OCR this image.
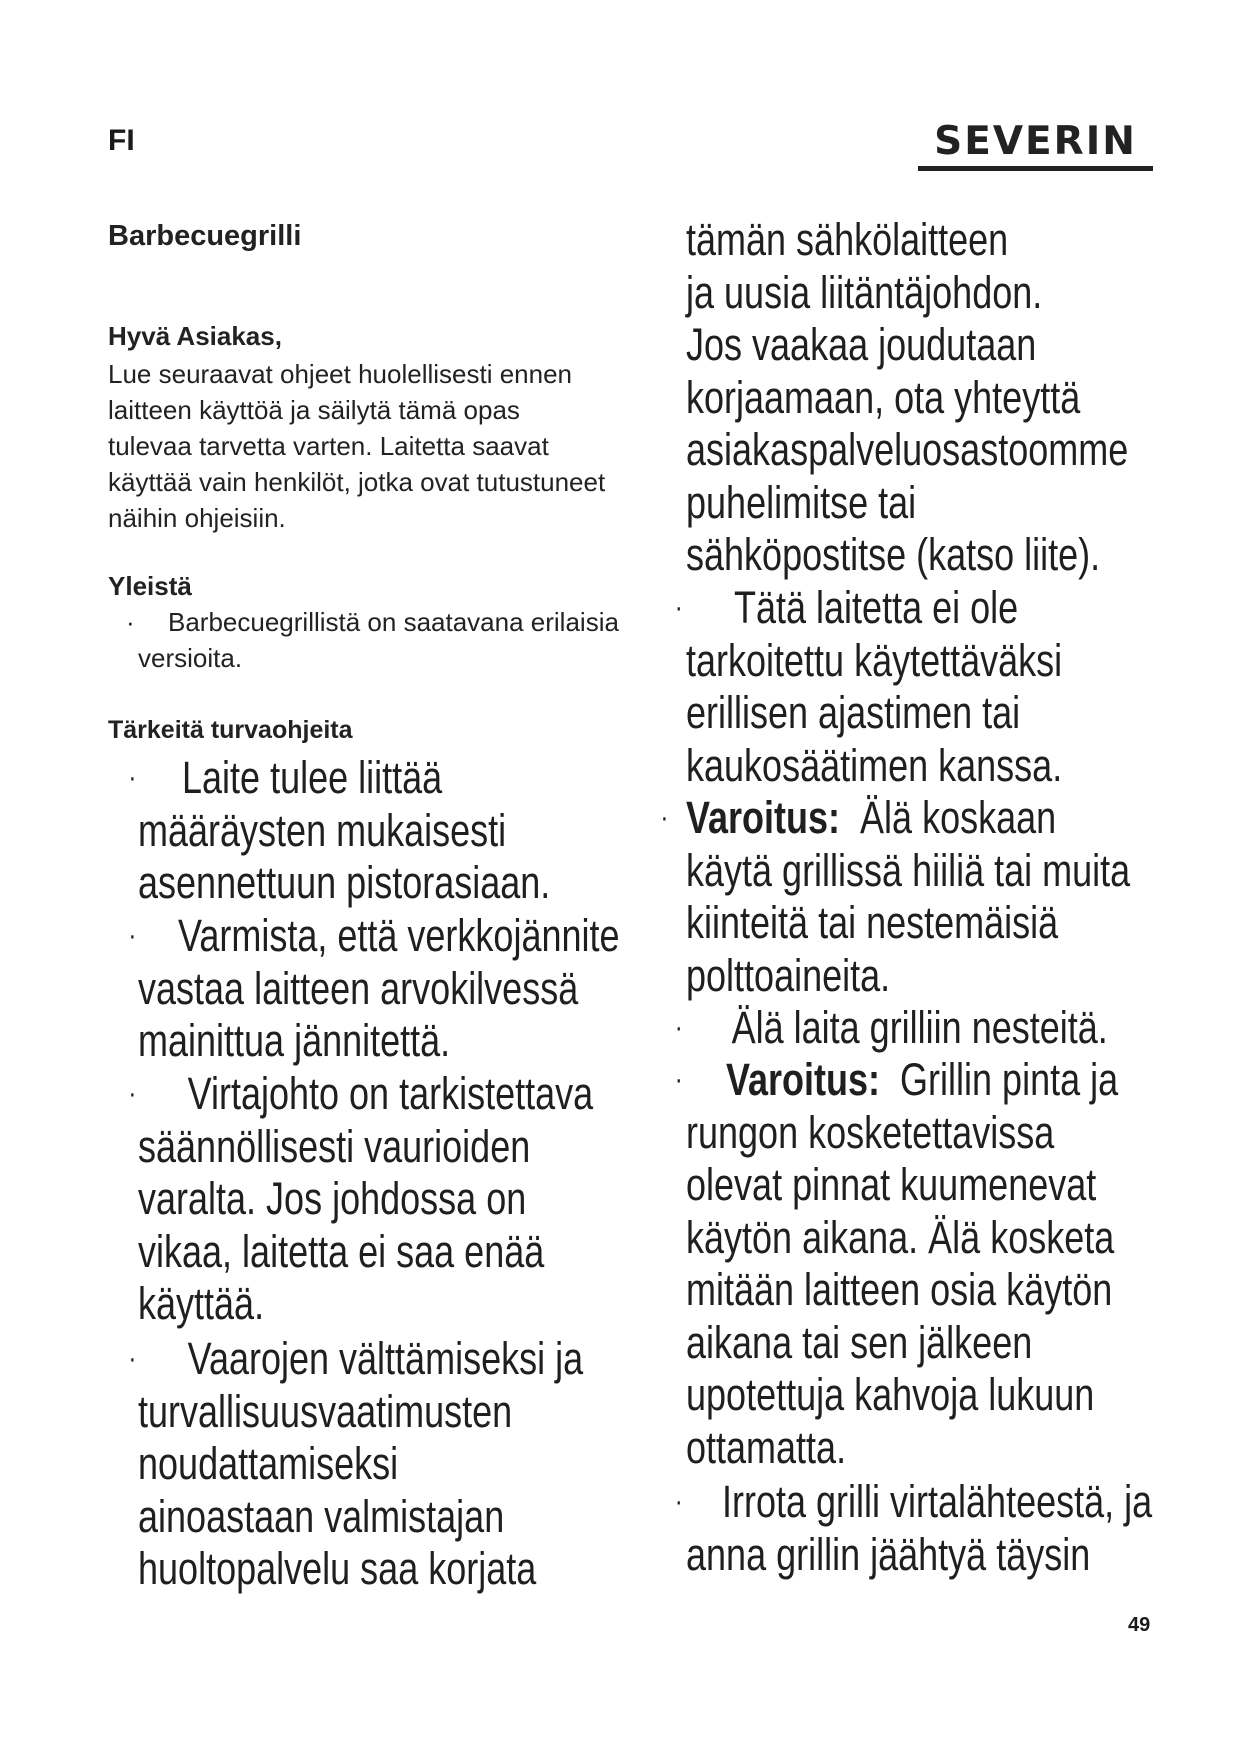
FI	SEVERIN
Barbecuegrilli
Hyvä Asiakas,
Lue seuraavat ohjeet huolellisesti ennen
laitteen käyttöä ja säilytä tämä opas
tulevaa tarvetta varten. Laitetta saavat
käyttää vain henkilöt, jotka ovat tutustuneet
näihin ohjeisiin.
Yleistä
·	Barbecuegrillistä on saatavana erilaisia
versioita.
Tärkeitä turvaohjeita
·	Laite tulee liittää
määräysten mukaisesti
asennettuun pistorasiaan.
· Varmista, että verkkojännite
vastaa laitteen arvokilvessä
mainittua jännitettä.
·	Virtajohto on tarkistettava
säännöllisesti vaurioiden
varalta. Jos johdossa on
vikaa, laitetta ei saa enää
käyttää.
·	Vaarojen välttämiseksi ja
turvallisuusvaatimusten
noudattamiseksi
ainoastaan valmistajan
huoltopalvelu saa korjata
tämän sähkölaitteen
ja uusia liitäntäjohdon.
Jos vaakaa joudutaan
korjaamaan, ota yhteyttä
asiakaspalveluosastoomme
puhelimitse tai
sähköpostitse (katso liite).
·	Tätä laitetta ei ole
tarkoitettu käytettäväksi
erillisen ajastimen tai
kaukosäätimen kanssa.
· Varoitus: Älä koskaan
käytä grillissä hiiliä tai muita
kiinteitä tai nestemäisiä
polttoaineita.
·	Älä laita grilliin nesteitä.
· Varoitus: Grillin pinta ja
rungon kosketettavissa
olevat pinnat kuumenevat
käytön aikana. Älä kosketa
mitään laitteen osia käytön
aikana tai sen jälkeen
upotettuja kahvoja lukuun
ottamatta.
· Irrota grilli virtalähteestä, ja
anna grillin jäähtyä täysin
49
